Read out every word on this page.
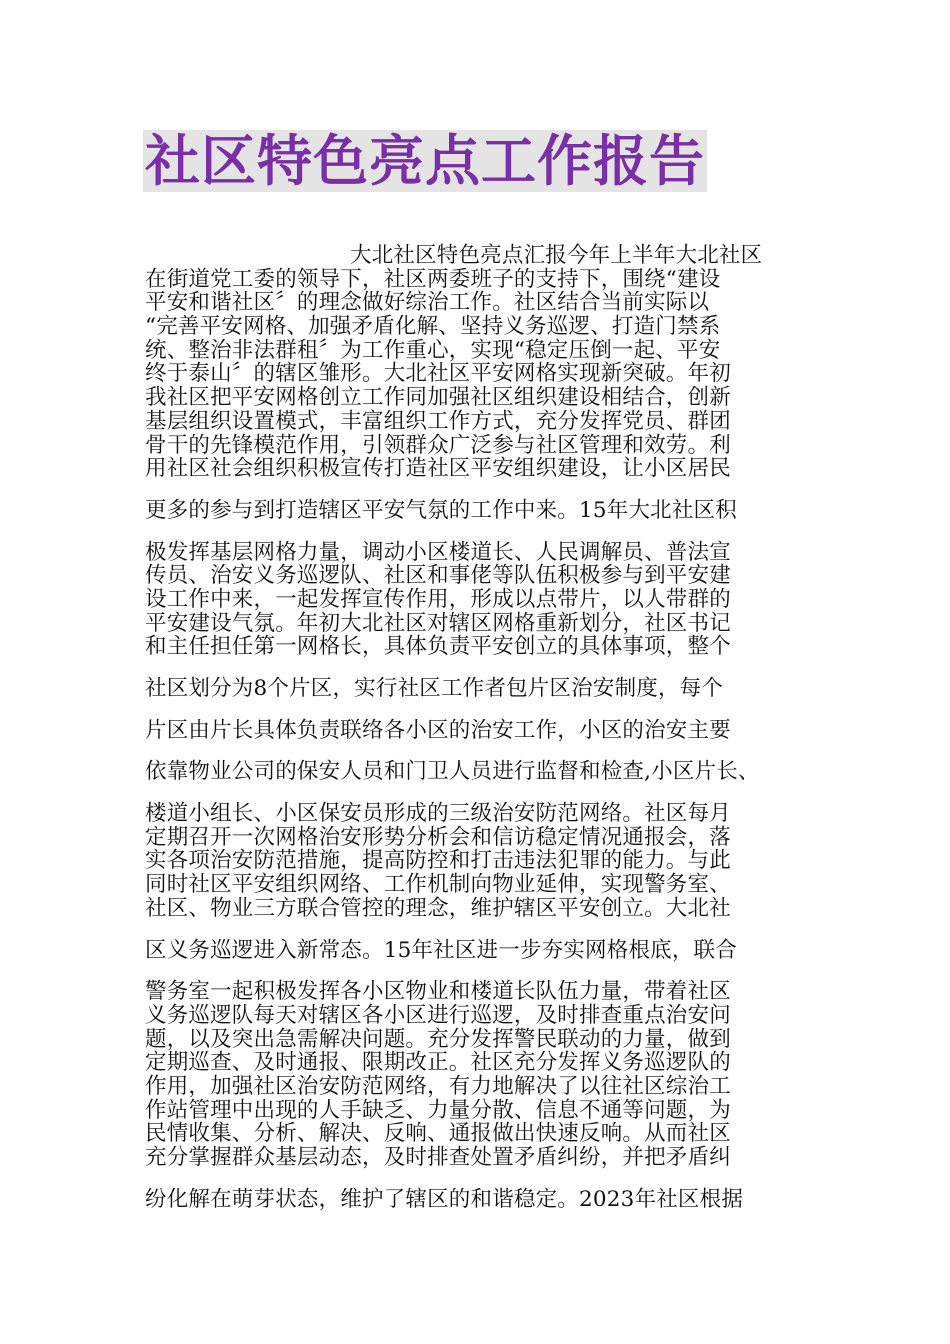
社区特色亮点工作报告
大北社区特色亮点汇报今年上半年大北社区
在街道党工委的领导下，社区两委班子的支持下，围绕“建设
平安和谐社区〞的理念做好综治工作。社区结合当前实际以
“完善平安网格、加强矛盾化解、坚持义务巡逻、打造门禁系
统、整治非法群租〞为工作重心，实现“稳定压倒一起、平安
终于泰山〞的辖区雏形。大北社区平安网格实现新突破。年初
我社区把平安网格创立工作同加强社区组织建设相结合，创新
基层组织设置模式，丰富组织工作方式，充分发挥党员、群团
骨干的先锋模范作用，引领群众广泛参与社区管理和效劳。利
用社区社会组织积极宣传打造社区平安组织建设，让小区居民
更多的参与到打造辖区平安气氛的工作中来。15年大北社区积
极发挥基层网格力量，调动小区楼道长、人民调解员、普法宣
传员、治安义务巡逻队、社区和事佬等队伍积极参与到平安建
设工作中来，一起发挥宣传作用，形成以点带片，以人带群的
平安建设气氛。年初大北社区对辖区网格重新划分，社区书记
和主任担任第一网格长，具体负责平安创立的具体事项，整个
社区划分为8个片区，实行社区工作者包片区治安制度，每个
片区由片长具体负责联络各小区的治安工作，小区的治安主要
依靠物业公司的保安人员和门卫人员进行监督和检查,小区片长、
楼道小组长、小区保安员形成的三级治安防范网络。社区每月
定期召开一次网格治安形势分析会和信访稳定情况通报会，落
实各项治安防范措施，提高防控和打击违法犯罪的能力。与此
同时社区平安组织网络、工作机制向物业延伸，实现警务室、
社区、物业三方联合管控的理念，维护辖区平安创立。大北社
区义务巡逻进入新常态。15年社区进一步夯实网格根底，联合
警务室一起积极发挥各小区物业和楼道长队伍力量，带着社区
义务巡逻队每天对辖区各小区进行巡逻，及时排查重点治安问
题，以及突出急需解决问题。充分发挥警民联动的力量，做到
定期巡查、及时通报、限期改正。社区充分发挥义务巡逻队的
作用，加强社区治安防范网络，有力地解决了以往社区综治工
作站管理中出现的人手缺乏、力量分散、信息不通等问题，为
民情收集、分析、解决、反响、通报做出快速反响。从而社区
充分掌握群众基层动态，及时排查处置矛盾纠纷，并把矛盾纠
纷化解在萌芽状态，维护了辖区的和谐稳定。2023年社区根据
